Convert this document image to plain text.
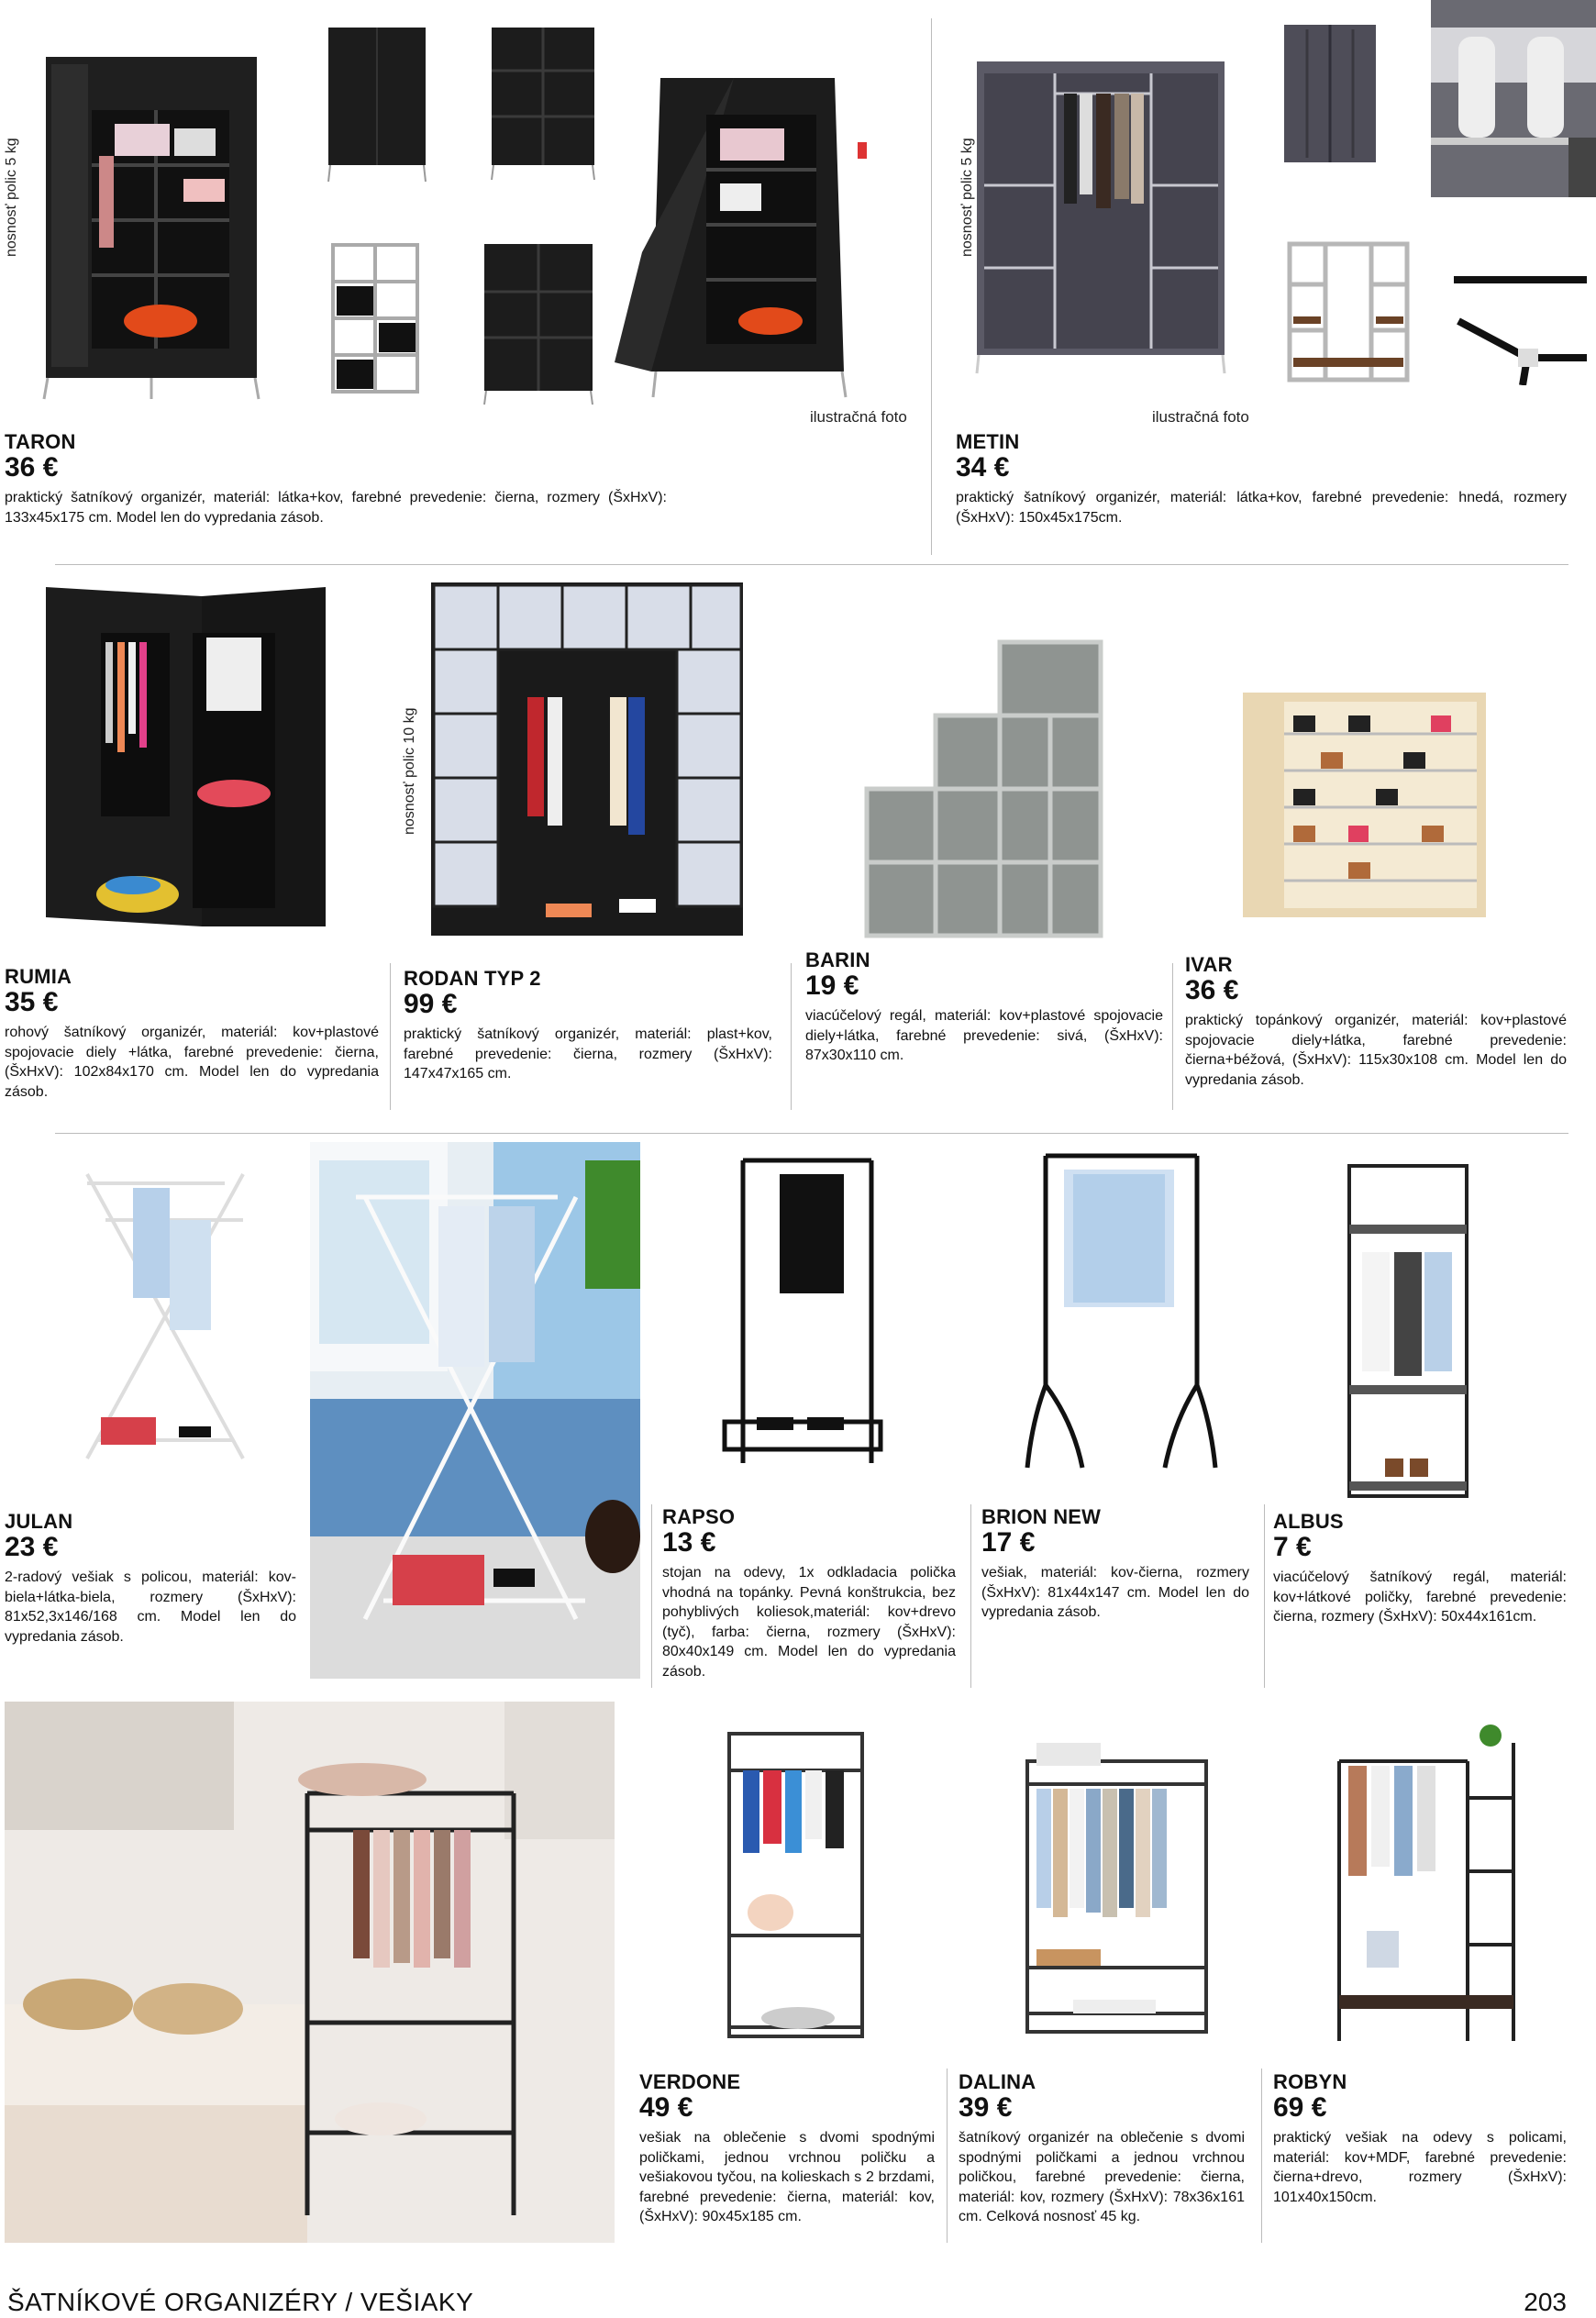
nosnosť polic 5 kg	nosnosť polic 5 kg
ilustračná foto	ilustračná foto
TARON
36 €
praktický šatníkový organizér, materiál: látka+kov, farebné prevedenie: čierna, rozmery (ŠxHxV): 133x45x175 cm. Model len do vypredania zásob.
METIN
34 €
praktický šatníkový organizér, materiál: látka+kov, farebné prevedenie: hnedá, rozmery (ŠxHxV): 150x45x175cm.
nosnosť polic 10 kg
RUMIA
35 €
rohový šatníkový organizér, materiál: kov+plastové spojovacie diely +látka, farebné prevedenie: čierna, (ŠxHxV): 102x84x170 cm. Model len do vypredania zásob.
RODAN TYP 2
99 €
praktický šatníkový organizér, materiál: plast+kov, farebné prevedenie: čierna, rozmery (ŠxHxV): 147x47x165 cm.
BARIN
19 €
viacúčelový regál, materiál: kov+plastové spojovacie diely+látka, farebné prevedenie: sivá, (ŠxHxV): 87x30x110 cm.
IVAR
36 €
praktický topánkový organizér, materiál: kov+plastové spojovacie diely+látka, farebné prevedenie: čierna+béžová, (ŠxHxV): 115x30x108 cm. Model len do vypredania zásob.
JULAN
23 €
2-radový vešiak s policou, materiál: kov-biela+látka-biela, rozmery (ŠxHxV): 81x52,3x146/168 cm. Model len do vypredania zásob.
RAPSO
13 €
stojan na odevy, 1x odkladacia polička vhodná na topánky. Pevná konštrukcia, bez pohyblivých koliesok,materiál: kov+drevo (tyč), farba: čierna, rozmery (ŠxHxV): 80x40x149 cm. Model len do vypredania zásob.
BRION NEW
17 €
vešiak, materiál: kov-čierna, rozmery (ŠxHxV): 81x44x147 cm. Model len do vypredania zásob.
ALBUS
7 €
viacúčelový šatníkový regál, materiál: kov+látkové poličky, farebné prevedenie: čierna, rozmery (ŠxHxV): 50x44x161cm.
VERDONE
49 €
vešiak na oblečenie s dvomi spodnými poličkami, jednou vrchnou poličku a vešiakovou tyčou, na kolieskach s 2 brzdami, farebné prevedenie: čierna, materiál: kov, (ŠxHxV): 90x45x185 cm.
DALINA
39 €
šatníkový organizér na oblečenie s dvomi spodnými poličkami a jednou vrchnou poličkou, farebné prevedenie: čierna, materiál: kov, rozmery (ŠxHxV): 78x36x161 cm. Celková nosnosť 45 kg.
ROBYN
69 €
praktický vešiak na odevy s policami, materiál: kov+MDF, farebné prevedenie: čierna+drevo, rozmery (ŠxHxV): 101x40x150cm.
ŠATNÍKOVÉ ORGANIZÉRY / VEŠIAKY	203
